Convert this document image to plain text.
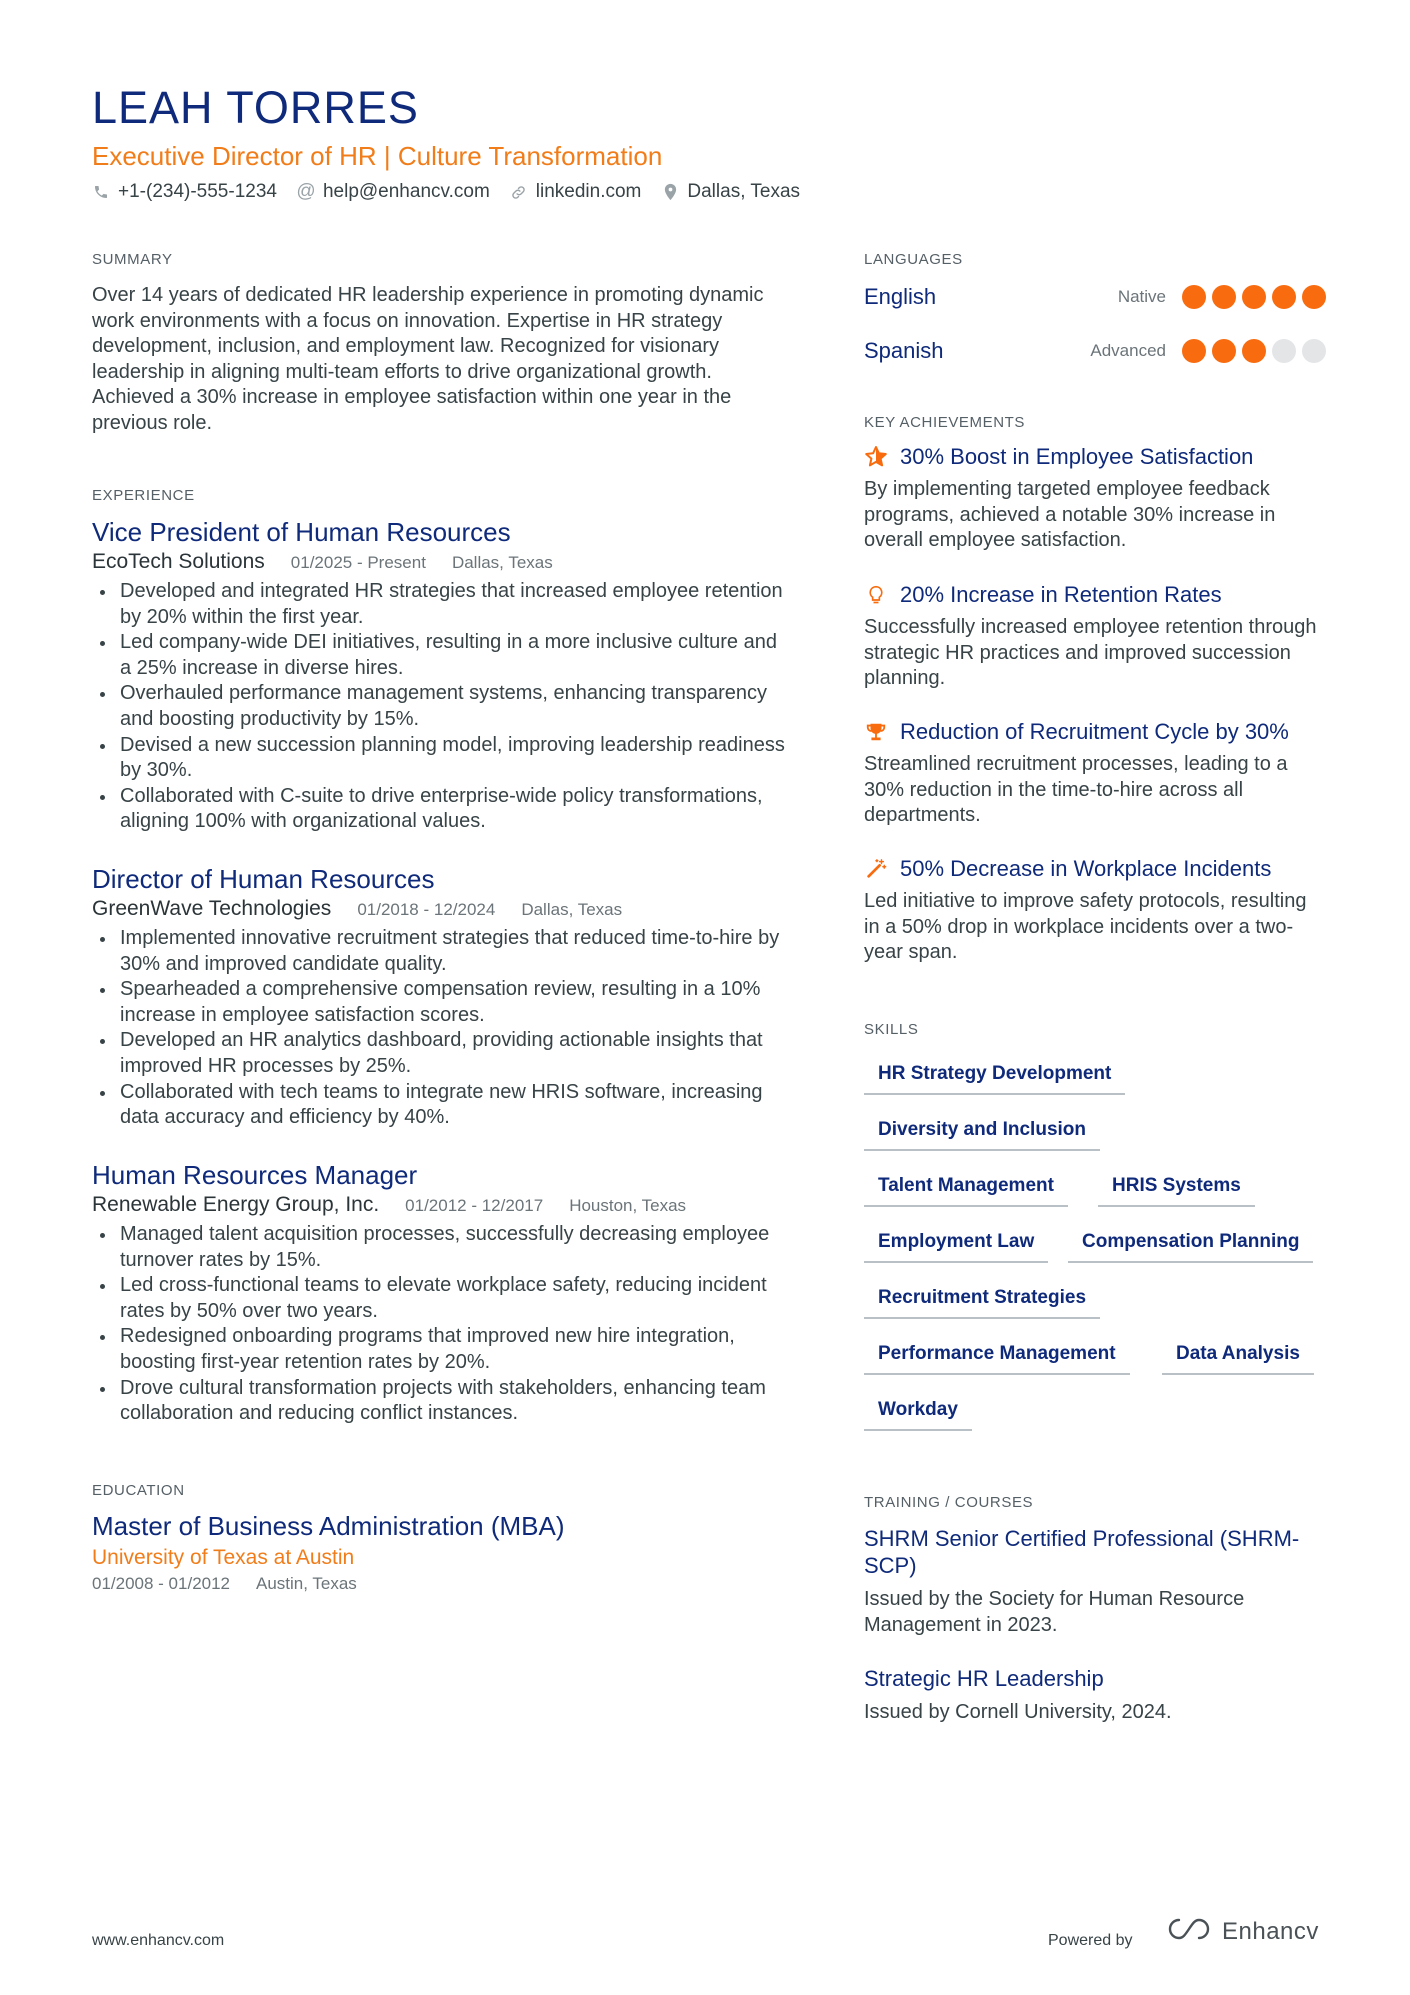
LEAH TORRES
Executive Director of HR | Culture Transformation
+1-(234)-555-1234 @ help@enhancv.com linkedin.com Dallas, Texas
SUMMARY

Over 14 years of dedicated HR leadership experience in promoting dynamic work environments with a focus on innovation. Expertise in HR strategy development, inclusion, and employment law. Recognized for visionary leadership in aligning multi-team efforts to drive organizational growth. Achieved a 30% increase in employee satisfaction within one year in the previous role.

EXPERIENCE
Vice President of Human Resources
EcoTech Solutions 01/2025 - Present Dallas, Texas
Developed and integrated HR strategies that increased employee retention by 20% within the first year.
Led company-wide DEI initiatives, resulting in a more inclusive culture and a 25% increase in diverse hires.
Overhauled performance management systems, enhancing transparency and boosting productivity by 15%.
Devised a new succession planning model, improving leadership readiness by 30%.
Collaborated with C-suite to drive enterprise-wide policy transformations, aligning 100% with organizational values.
Director of Human Resources
GreenWave Technologies 01/2018 - 12/2024 Dallas, Texas
Implemented innovative recruitment strategies that reduced time-to-hire by 30% and improved candidate quality.
Spearheaded a comprehensive compensation review, resulting in a 10% increase in employee satisfaction scores.
Developed an HR analytics dashboard, providing actionable insights that improved HR processes by 25%.
Collaborated with tech teams to integrate new HRIS software, increasing data accuracy and efficiency by 40%.
Human Resources Manager
Renewable Energy Group, Inc. 01/2012 - 12/2017 Houston, Texas
Managed talent acquisition processes, successfully decreasing employee turnover rates by 15%.
Led cross-functional teams to elevate workplace safety, reducing incident rates by 50% over two years.
Redesigned onboarding programs that improved new hire integration, boosting first-year retention rates by 20%.
Drove cultural transformation projects with stakeholders, enhancing team collaboration and reducing conflict instances.
EDUCATION
Master of Business Administration (MBA)
University of Texas at Austin
01/2008 - 01/2012 Austin, Texas
LANGUAGES
English	Native
Spanish	Advanced
KEY ACHIEVEMENTS
30% Boost in Employee Satisfaction
By implementing targeted employee feedback programs, achieved a notable 30% increase in overall employee satisfaction.
20% Increase in Retention Rates
Successfully increased employee retention through strategic HR practices and improved succession planning.
Reduction of Recruitment Cycle by 30%
Streamlined recruitment processes, leading to a 30% reduction in the time-to-hire across all departments.
50% Decrease in Workplace Incidents
Led initiative to improve safety protocols, resulting in a 50% drop in workplace incidents over a two-year span.
SKILLS
HR Strategy Development
Diversity and Inclusion
Talent Management	HRIS Systems
Employment Law	Compensation Planning
Recruitment Strategies
Performance Management	Data Analysis
Workday
TRAINING / COURSES
SHRM Senior Certified Professional (SHRM-SCP)
Issued by the Society for Human Resource Management in 2023.
Strategic HR Leadership
Issued by Cornell University, 2024.
www.enhancv.com	Powered by	Enhancv
